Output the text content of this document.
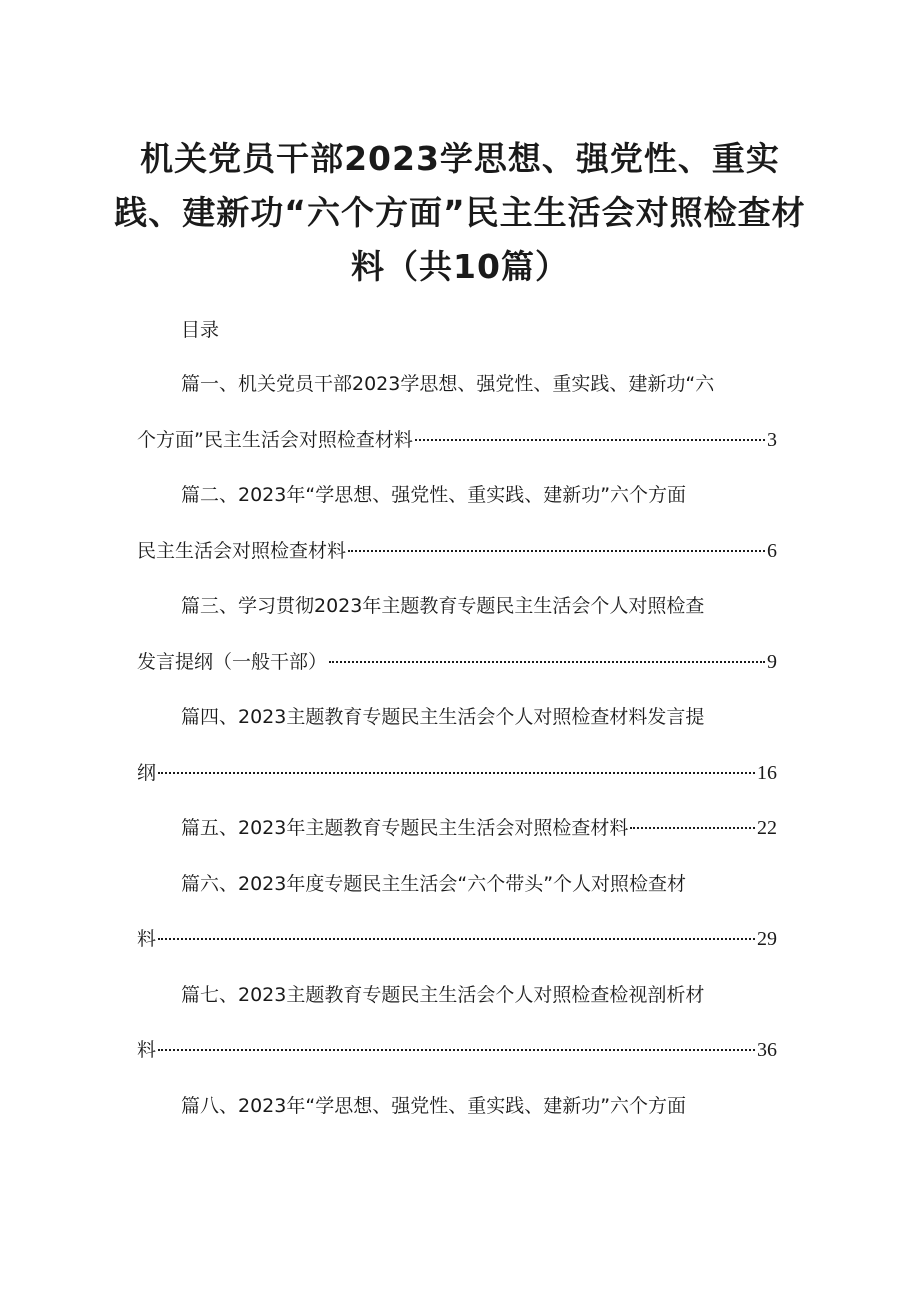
机关党员干部2023学思想、强党性、重实践、建新功“六个方面”民主生活会对照检查材料（共10篇）
目录
篇一、机关党员干部2023学思想、强党性、重实践、建新功“六
个方面”民主生活会对照检查材料	3
篇二、2023年“学思想、强党性、重实践、建新功”六个方面
民主生活会对照检查材料	6
篇三、学习贯彻2023年主题教育专题民主生活会个人对照检查
发言提纲（一般干部）	9
篇四、2023主题教育专题民主生活会个人对照检查材料发言提
纲	16
篇五、2023年主题教育专题民主生活会对照检查材料	22
篇六、2023年度专题民主生活会“六个带头”个人对照检查材
料	29
篇七、2023主题教育专题民主生活会个人对照检查检视剖析材
料	36
篇八、2023年“学思想、强党性、重实践、建新功”六个方面
